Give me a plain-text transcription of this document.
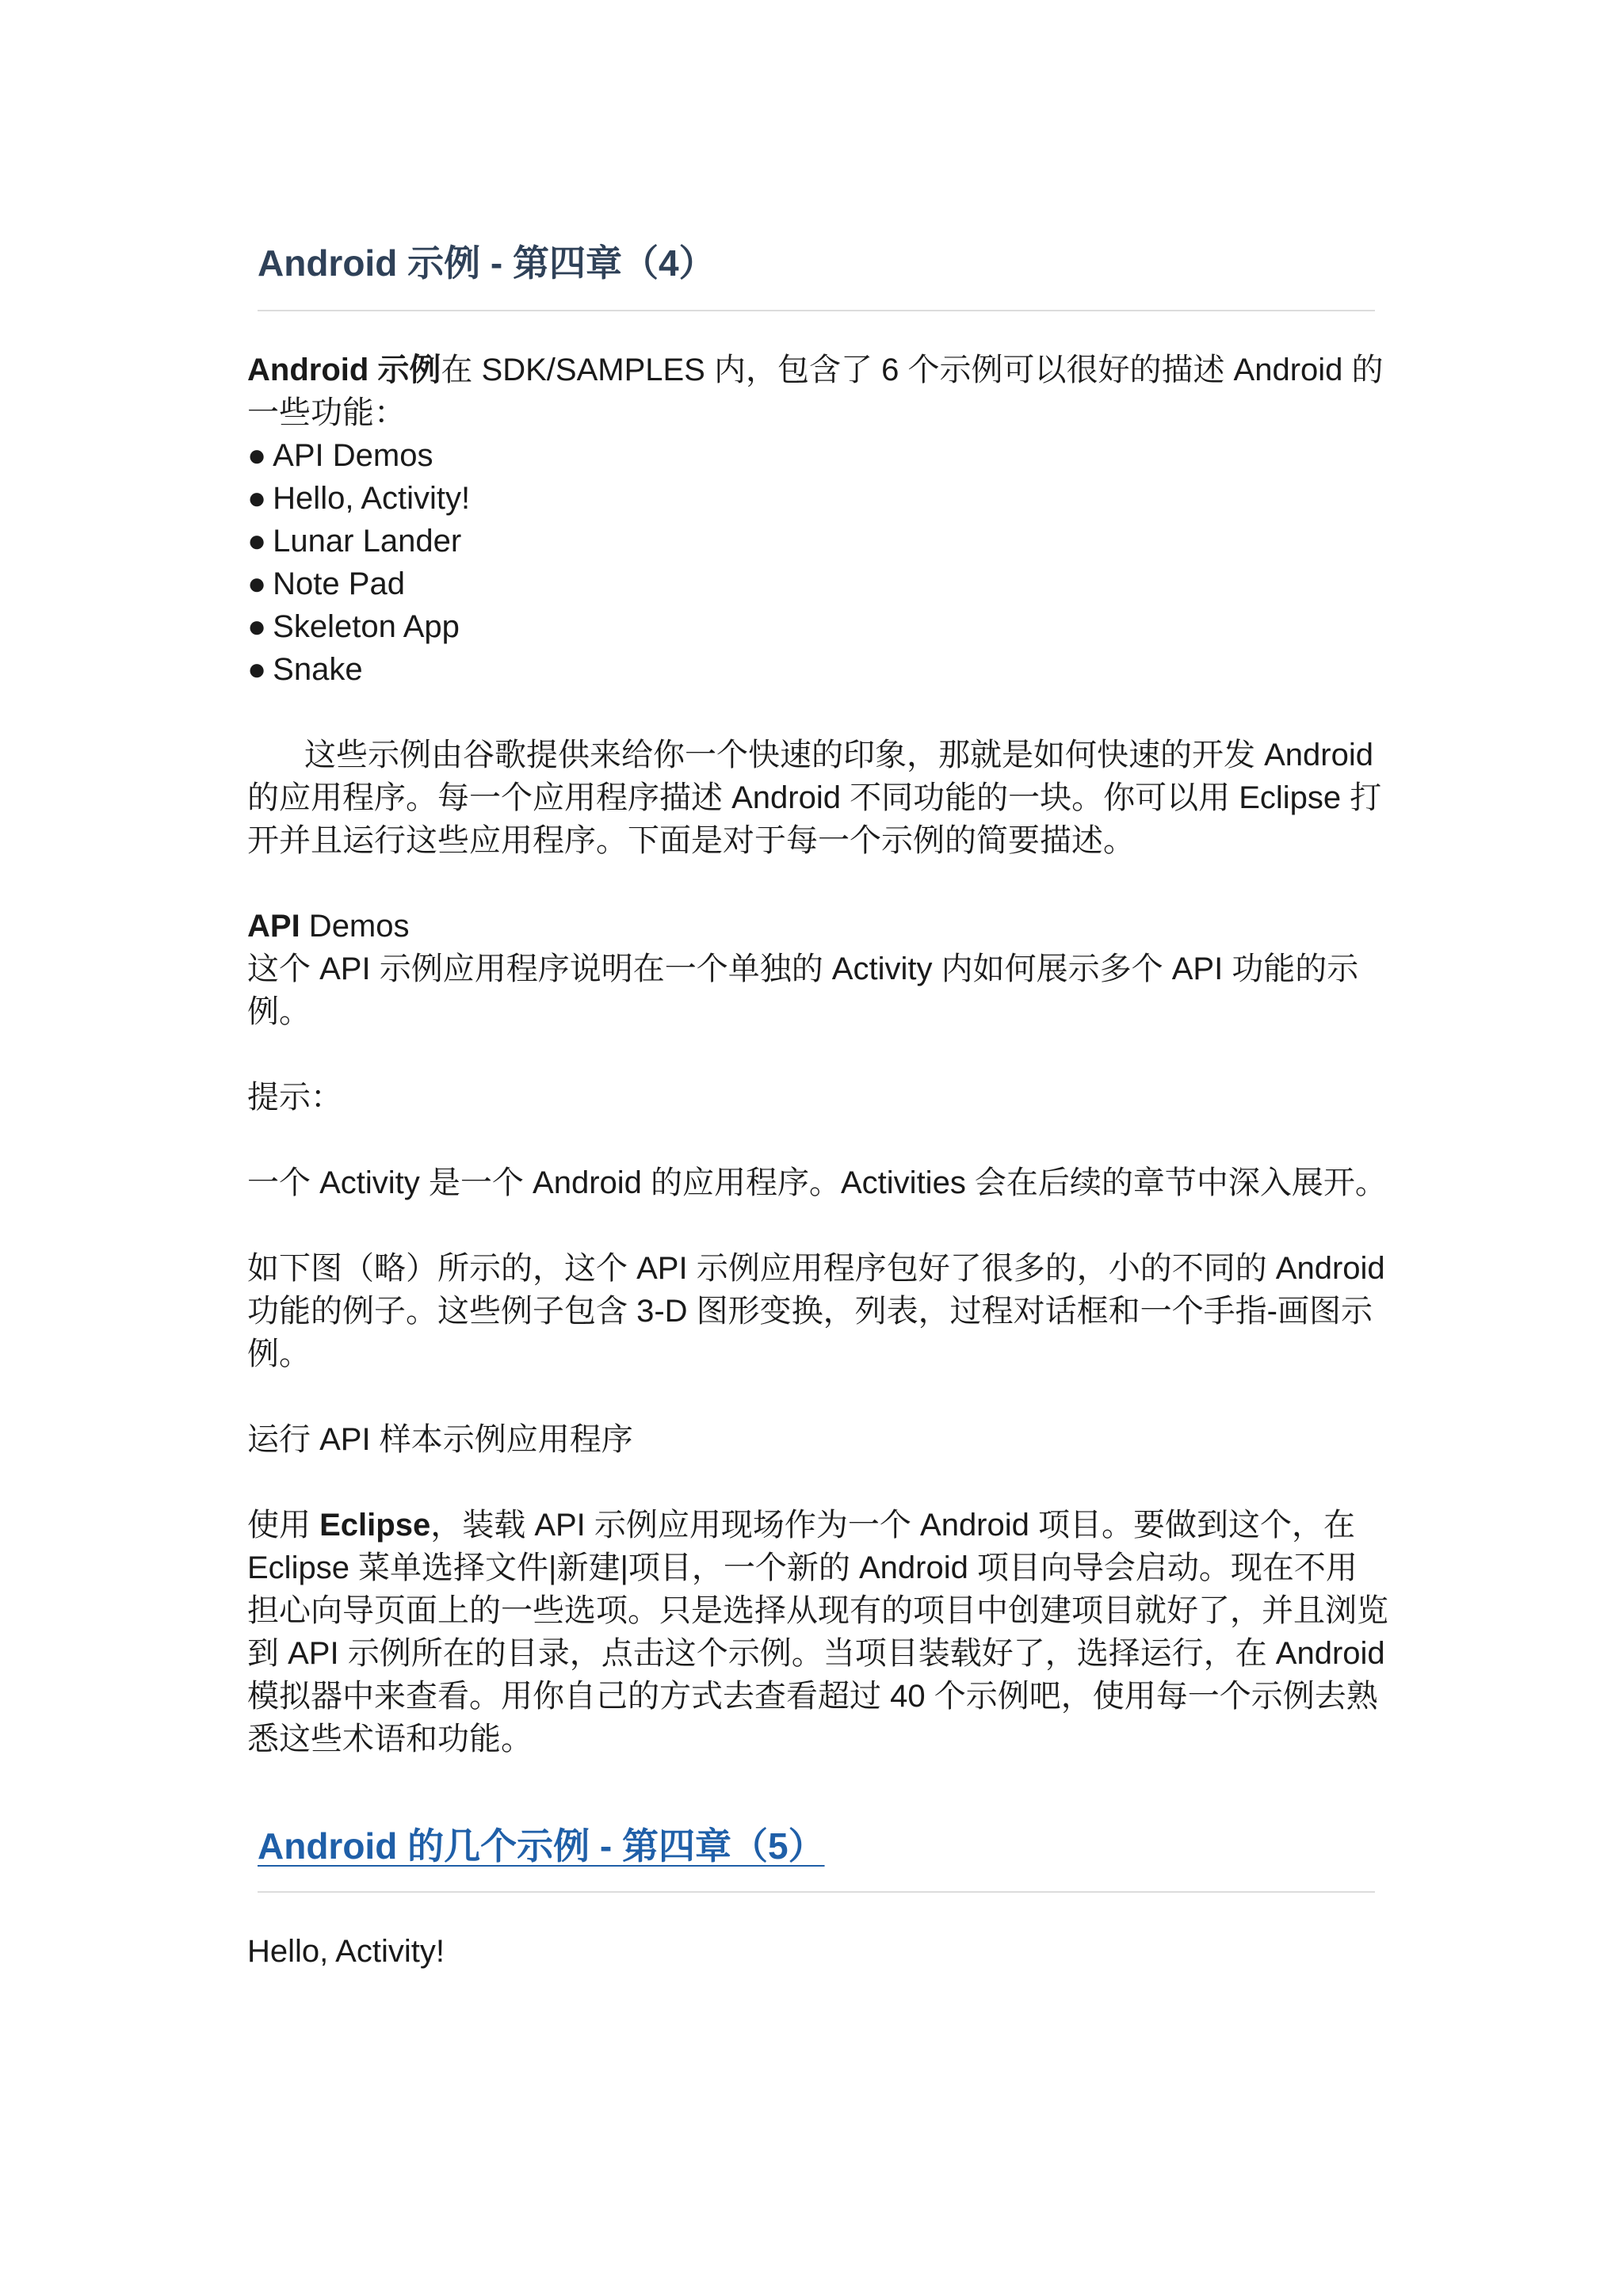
Android 示例 - 第四章（4）

Android 示例在 SDK/SAMPLES 内，包含了 6 个示例可以很好的描述 Android 的一些功能：

● API Demos
● Hello, Activity!
● Lunar Lander
● Note Pad
● Skeleton App
● Snake

这些示例由谷歌提供来给你一个快速的印象，那就是如何快速的开发 Android 的应用程序。每一个应用程序描述 Android 不同功能的一块。你可以用 Eclipse 打开并且运行这些应用程序。下面是对于每一个示例的简要描述。

API Demos

这个 API 示例应用程序说明在一个单独的 Activity 内如何展示多个 API 功能的示例。

提示：

一个 Activity 是一个 Android 的应用程序。Activities 会在后续的章节中深入展开。

如下图（略）所示的，这个 API 示例应用程序包好了很多的，小的不同的 Android 功能的例子。这些例子包含 3-D 图形变换，列表，过程对话框和一个手指-画图示例。

运行 API 样本示例应用程序

使用 Eclipse，装载 API 示例应用现场作为一个 Android 项目。要做到这个，在 Eclipse 菜单选择文件|新建|项目，一个新的 Android 项目向导会启动。现在不用担心向导页面上的一些选项。只是选择从现有的项目中创建项目就好了，并且浏览到 API 示例所在的目录，点击这个示例。当项目装载好了，选择运行，在 Android 模拟器中来查看。用你自己的方式去查看超过 40 个示例吧，使用每一个示例去熟悉这些术语和功能。

Android 的几个示例 - 第四章（5）

Hello, Activity!
